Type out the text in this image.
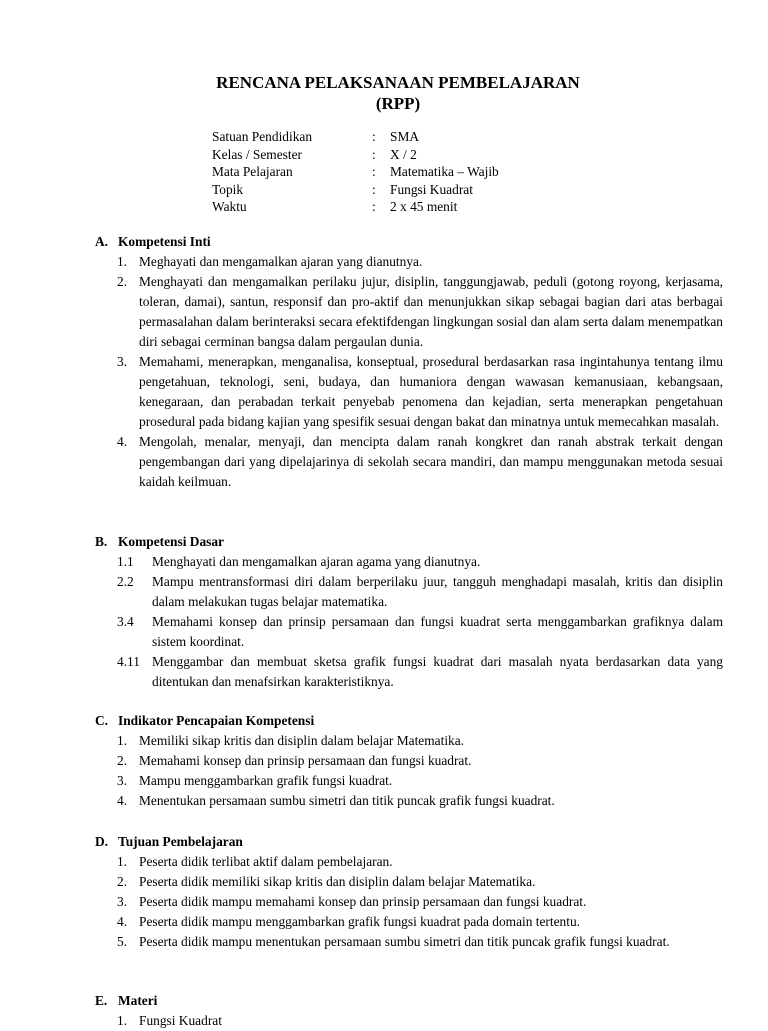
RENCANA PELAKSANAAN PEMBELAJARAN

(RPP)

Satuan Pendidikan	:	SMA
Kelas / Semester	:	X / 2
Mata Pelajaran	:	Matematika – Wajib
Topik	:	Fungsi Kuadrat
Waktu	:	2 x 45 menit

A. Kompetensi Inti

1. Meghayati dan mengamalkan ajaran yang dianutnya.
2. Menghayati dan mengamalkan perilaku jujur, disiplin, tanggungjawab, peduli (gotong royong, kerjasama, toleran, damai), santun, responsif dan pro-aktif dan menunjukkan sikap sebagai bagian dari atas berbagai permasalahan dalam berinteraksi secara efektifdengan lingkungan sosial dan alam serta dalam menempatkan diri sebagai cerminan bangsa dalam pergaulan dunia.
3. Memahami, menerapkan, menganalisa, konseptual, prosedural berdasarkan rasa ingintahunya tentang ilmu pengetahuan, teknologi, seni, budaya, dan humaniora dengan wawasan kemanusiaan, kebangsaan, kenegaraan, dan perabadan terkait penyebab penomena dan kejadian, serta menerapkan pengetahuan prosedural pada bidang kajian yang spesifik sesuai dengan bakat dan minatnya untuk memecahkan masalah.
4. Mengolah, menalar, menyaji, dan mencipta dalam ranah kongkret dan ranah abstrak terkait dengan pengembangan dari yang dipelajarinya di sekolah secara mandiri, dan mampu menggunakan metoda sesuai kaidah keilmuan.

B. Kompetensi Dasar

1.1	Menghayati dan mengamalkan ajaran agama yang dianutnya.
2.2	Mampu mentransformasi diri dalam berperilaku juur, tangguh menghadapi masalah, kritis dan disiplin dalam melakukan tugas belajar matematika.
3.4	Memahami konsep dan prinsip persamaan dan fungsi kuadrat serta menggambarkan grafiknya dalam sistem koordinat.
4.11 Menggambar dan membuat sketsa grafik fungsi kuadrat dari masalah nyata berdasarkan data yang ditentukan dan menafsirkan karakteristiknya.

C. Indikator Pencapaian Kompetensi

1. Memiliki sikap kritis dan disiplin dalam belajar Matematika.
2. Memahami konsep dan prinsip persamaan dan fungsi kuadrat.
3. Mampu menggambarkan grafik fungsi kuadrat.
4. Menentukan persamaan sumbu simetri dan titik puncak grafik fungsi kuadrat.

D. Tujuan Pembelajaran

1. Peserta didik terlibat aktif dalam pembelajaran.
2. Peserta didik memiliki sikap kritis dan disiplin dalam belajar Matematika.
3. Peserta didik mampu memahami konsep dan prinsip persamaan dan fungsi kuadrat.
4. Peserta didik mampu menggambarkan grafik fungsi kuadrat pada domain tertentu.
5. Peserta didik mampu menentukan persamaan sumbu simetri dan titik puncak grafik fungsi kuadrat.

E. Materi

1. Fungsi Kuadrat
